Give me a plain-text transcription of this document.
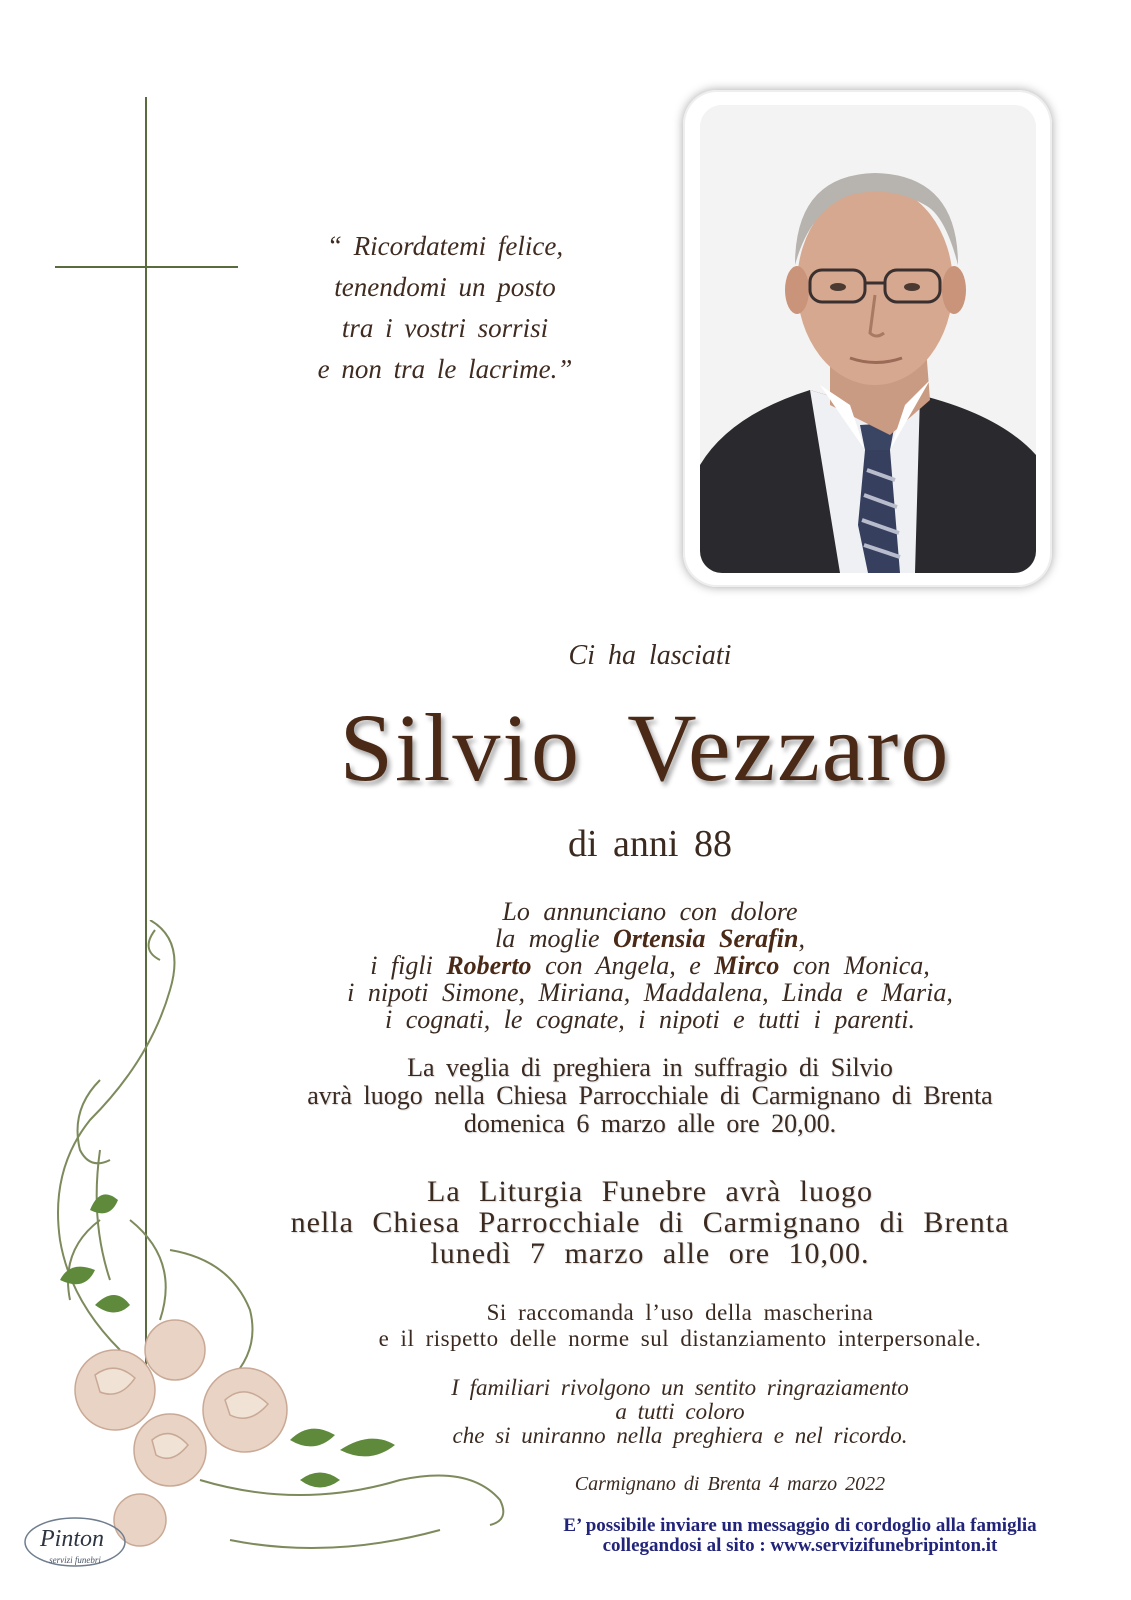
“ Ricordatemi felice,
tenendomi un posto
tra i vostri sorrisi
e non tra le lacrime.”
Ci ha lasciati
Silvio Vezzaro
di anni 88
Lo annunciano con dolore
la moglie Ortensia Serafin,
i figli Roberto con Angela, e Mirco con Monica,
i nipoti Simone, Miriana, Maddalena, Linda e Maria,
i cognati, le cognate, i nipoti e tutti i parenti.
La veglia di preghiera in suffragio di Silvio
avrà luogo nella Chiesa Parrocchiale di Carmignano di Brenta
domenica 6 marzo alle ore 20,00.
La Liturgia Funebre avrà luogo
nella Chiesa Parrocchiale di Carmignano di Brenta
lunedì 7 marzo alle ore 10,00.
Si raccomanda l’uso della mascherina
e il rispetto delle norme sul distanziamento interpersonale.
I familiari rivolgono un sentito ringraziamento
a tutti coloro
che si uniranno nella preghiera e nel ricordo.
Carmignano di Brenta 4 marzo 2022
E’ possibile inviare un messaggio di cordoglio alla famiglia
collegandosi al sito : www.servizifunebripinton.it
Pinton
servizi funebri
